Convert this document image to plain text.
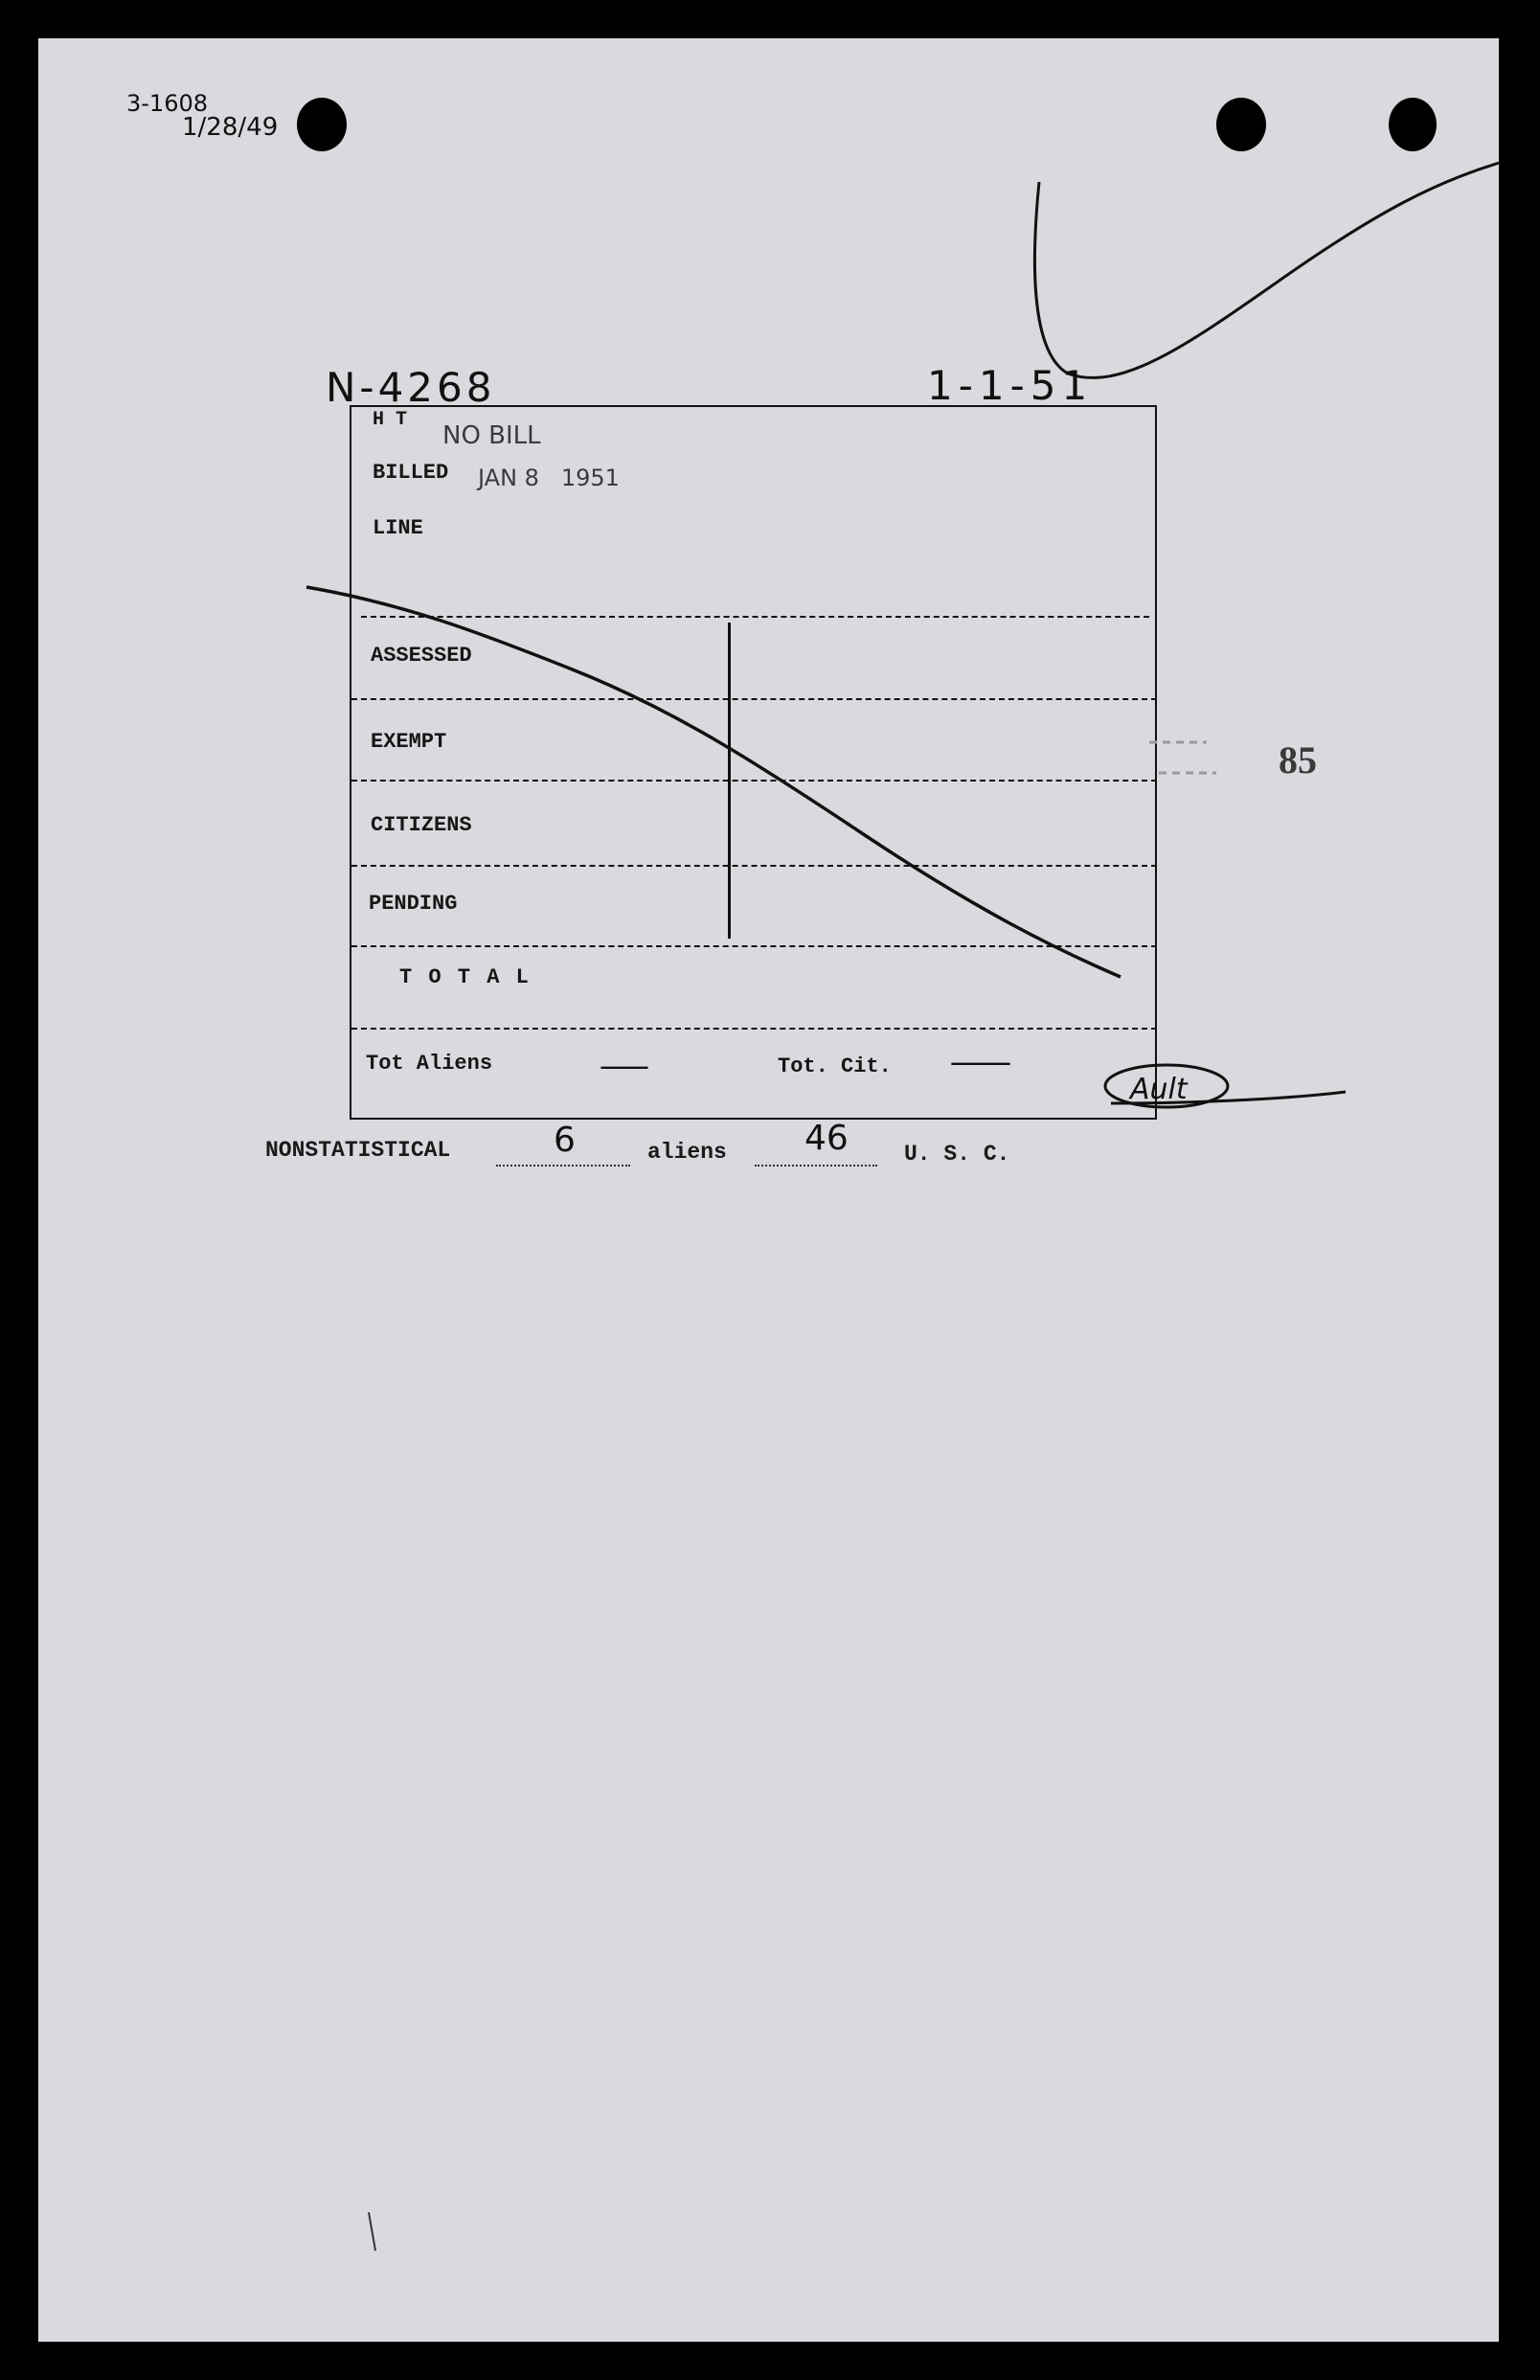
3-1608
1/28/49
N-4268	1-1-51
85
H T
NO BILL
BILLED JAN 8   1951
LINE
ASSESSED
EXEMPT
CITIZENS
PENDING
T O T A L
Tot Aliens	—	Tot. Cit. —
Ault
NONSTATISTICAL	6	aliens 46	U. S. C.
